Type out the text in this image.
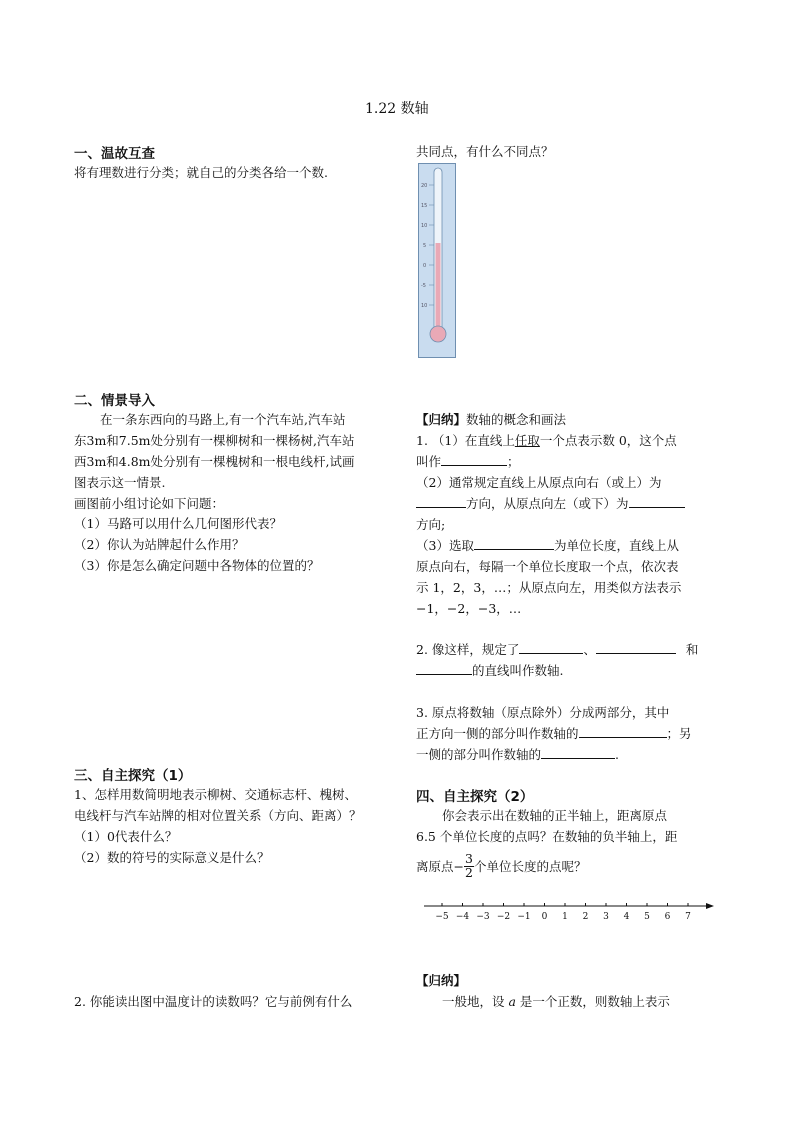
1.22 数轴
一、温故互查
将有理数进行分类；就自己的分类各给一个数.
二、情景导入
在一条东西向的马路上,有一个汽车站,汽车站
东3m和7.5m处分别有一棵柳树和一棵杨树,汽车站
西3m和4.8m处分别有一棵槐树和一根电线杆,试画
图表示这一情景.
画图前小组讨论如下问题：
（1）马路可以用什么几何图形代表？
（2）你认为站牌起什么作用？
（3）你是怎么确定问题中各物体的位置的？
三、自主探究（1）
1、怎样用数简明地表示柳树、交通标志杆、槐树、
电线杆与汽车站牌的相对位置关系（方向、距离）？
（1）0代表什么？
（2）数的符号的实际意义是什么？
2. 你能读出图中温度计的读数吗？它与前例有什么
共同点，有什么不同点？
20
15
10
5
0
-5
10
【归纳】数轴的概念和画法
1. （1）在直线上任取一个点表示数 0，这个点
叫作	；
（2）通常规定直线上从原点向右（或上）为
方向，从原点向左（或下）为
方向;
（3）选取	为单位长度，直线上从
原点向右，每隔一个单位长度取一个点，依次表
示 1，2，3，…；从原点向左，用类似方法表示
−1，−2，−3，…
2. 像这样，规定了	、	和
的直线叫作数轴.
3. 原点将数轴（原点除外）分成两部分，其中
正方向一侧的部分叫作数轴的	；另
一侧的部分叫作数轴的	.
四、自主探究（2）
你会表示出在数轴的正半轴上，距离原点
6.5 个单位长度的点吗？在数轴的负半轴上，距
离原点 − $\frac{3}{2}$ 个单位长度的点呢？
−5 −4 −3 −2 −1 0 1 2 3 4 5 6 7
【归纳】
一般地，设 a 是一个正数，则数轴上表示
